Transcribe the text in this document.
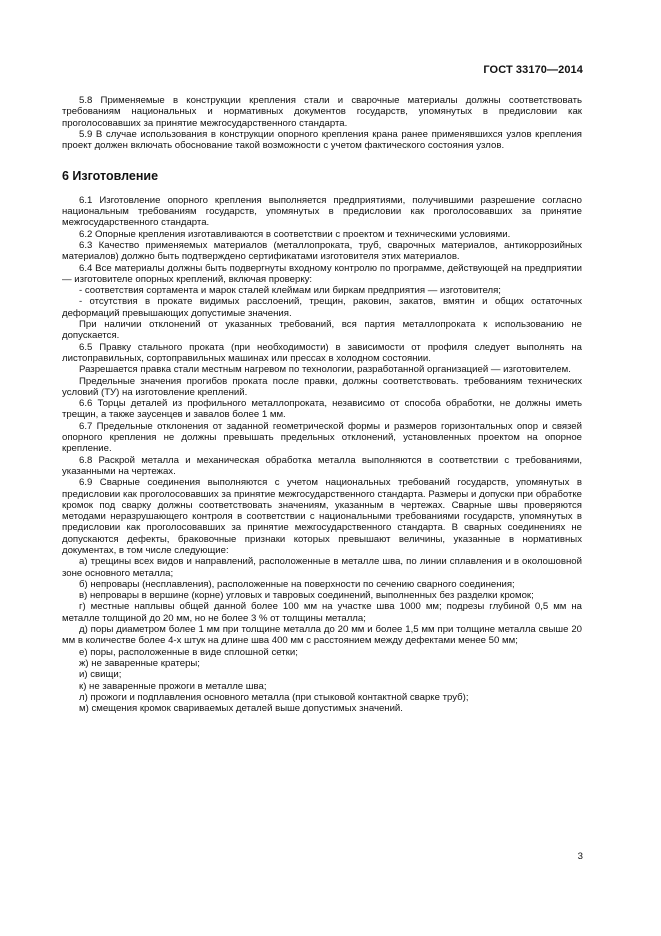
ГОСТ 33170—2014

5.8 Применяемые в конструкции крепления стали и сварочные материалы должны соответствовать требованиям национальных и нормативных документов государств, упомянутых в предисловии как проголосовавших за принятие межгосударственного стандарта.

5.9 В случае использования в конструкции опорного крепления крана ранее применявшихся узлов крепления проект должен включать обоснование такой возможности с учетом фактического состояния узлов.

6 Изготовление

6.1 Изготовление опорного крепления выполняется предприятиями, получившими разрешение согласно национальным требованиям государств, упомянутых в предисловии как проголосовавших за принятие межгосударственного стандарта.

6.2 Опорные крепления изготавливаются в соответствии с проектом и техническими условиями.

6.3 Качество применяемых материалов (металлопроката, труб, сварочных материалов, антикоррозийных материалов) должно быть подтверждено сертификатами изготовителя этих материалов.

6.4 Все материалы должны быть подвергнуты входному контролю по программе, действующей на предприятии — изготовителе опорных креплений, включая проверку:

- соответствия сортамента и марок сталей клеймам или биркам предприятия — изготовителя;

- отсутствия в прокате видимых расслоений, трещин, раковин, закатов, вмятин и общих остаточных деформаций превышающих допустимые значения.

При наличии отклонений от указанных требований, вся партия металлопроката к использованию не допускается.

6.5 Правку стального проката (при необходимости) в зависимости от профиля следует выполнять на листоправильных, сортоправильных машинах или прессах в холодном состоянии.

Разрешается правка стали местным нагревом по технологии, разработанной организацией — изготовителем.

Предельные значения прогибов проката после правки, должны соответствовать. требованиям технических условий (ТУ) на изготовление креплений.

6.6 Торцы деталей из профильного металлопроката, независимо от способа обработки, не должны иметь трещин, а также заусенцев и завалов более 1 мм.

6.7 Предельные отклонения от заданной геометрической формы и размеров горизонтальных опор и связей опорного крепления не должны превышать предельных отклонений, установленных проектом на опорное крепление.

6.8 Раскрой металла и механическая обработка металла выполняются в соответствии с требованиями, указанными на чертежах.

6.9 Сварные соединения выполняются с учетом национальных требований государств, упомянутых в предисловии как проголосовавших за принятие межгосударственного стандарта. Размеры и допуски при обработке кромок под сварку должны соответствовать значениям, указанным в чертежах. Сварные швы проверяются методами неразрушающего контроля в соответствии с национальными требованиями государств, упомянутых в предисловии как проголосовавших за принятие межгосударственного стандарта. В сварных соединениях не допускаются дефекты, браковочные признаки которых превышают величины, указанные в нормативных документах, в том числе следующие:

а) трещины всех видов и направлений, расположенные в металле шва, по линии сплавления и в околошовной зоне основного металла;

б) непровары (несплавления), расположенные на поверхности по сечению сварного соединения;

в) непровары в вершине (корне) угловых и тавровых соединений, выполненных без разделки кромок;

г) местные наплывы общей данной более 100 мм на участке шва 1000 мм; подрезы глубиной 0,5 мм на металле толщиной до 20 мм, но не более 3 % от толщины металла;

д) поры диаметром более 1 мм при толщине металла до 20 мм и более 1,5 мм при толщине металла свыше 20 мм в количестве более 4-х штук на длине шва 400 мм с расстоянием между дефектами менее 50 мм;

е) поры, расположенные в виде сплошной сетки;

ж) не заваренные кратеры;

и) свищи;

к) не заваренные прожоги в металле шва;

л) прожоги и подплавления основного металла (при стыковой контактной сварке труб);

м) смещения кромок свариваемых деталей выше допустимых значений.

3
